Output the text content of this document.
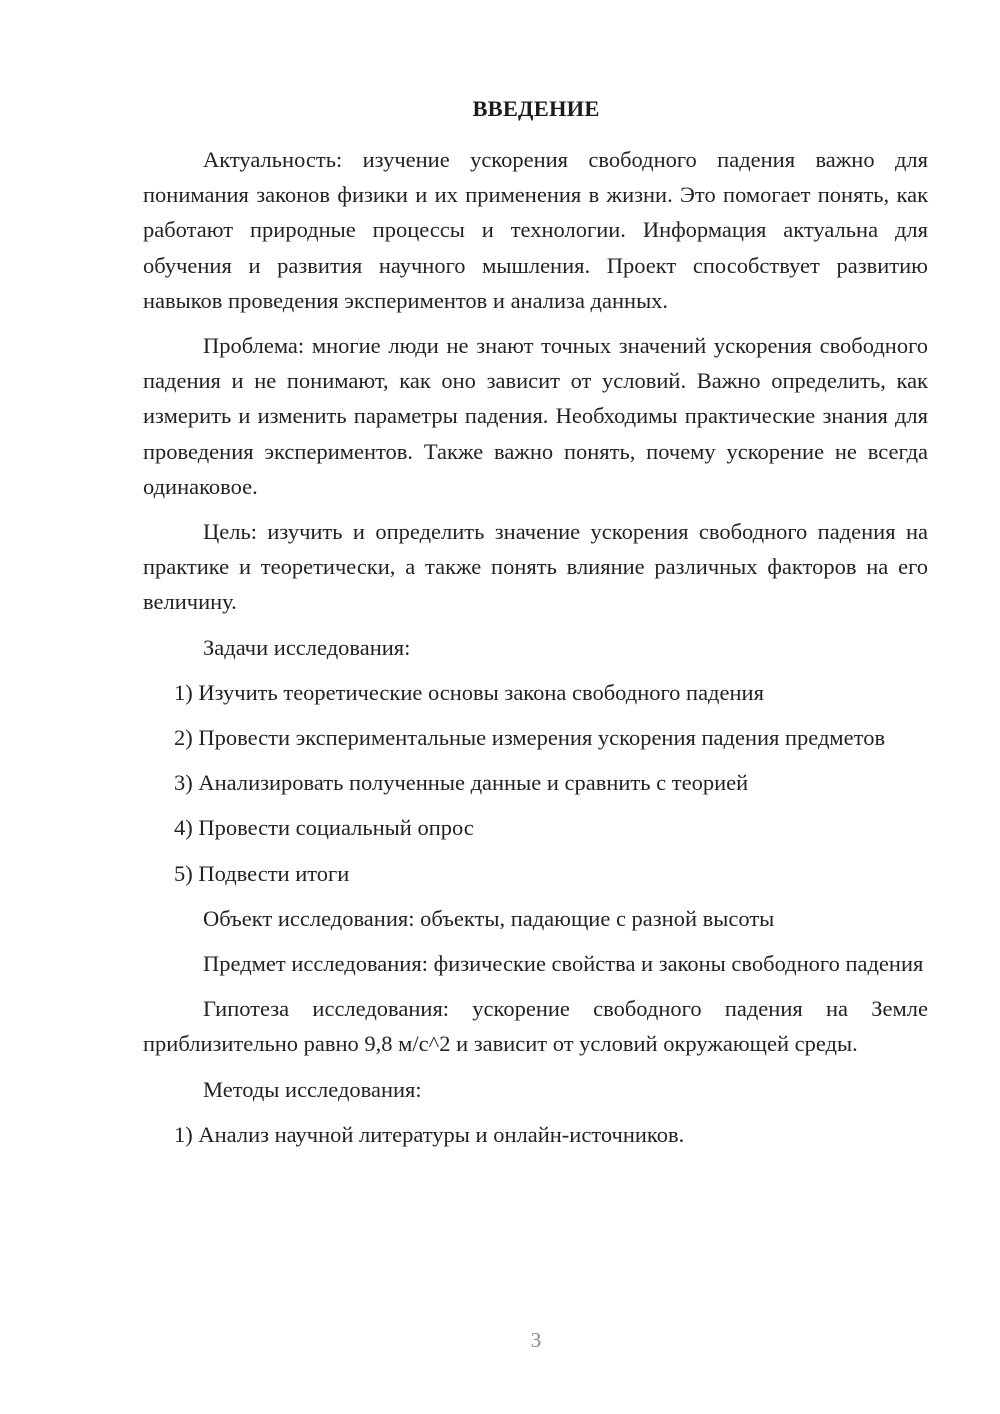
ВВЕДЕНИЕ

Актуальность: изучение ускорения свободного падения важно для понимания законов физики и их применения в жизни. Это помогает понять, как работают природные процессы и технологии. Информация актуальна для обучения и развития научного мышления. Проект способствует развитию навыков проведения экспериментов и анализа данных.

Проблема: многие люди не знают точных значений ускорения свободного падения и не понимают, как оно зависит от условий. Важно определить, как измерить и изменить параметры падения. Необходимы практические знания для проведения экспериментов. Также важно понять, почему ускорение не всегда одинаковое.

Цель: изучить и определить значение ускорения свободного падения на практике и теоретически, а также понять влияние различных факторов на его величину.

Задачи исследования:

1) Изучить теоретические основы закона свободного падения

2) Провести экспериментальные измерения ускорения падения предметов

3) Анализировать полученные данные и сравнить с теорией

4) Провести социальный опрос

5) Подвести итоги

Объект исследования: объекты, падающие с разной высоты

Предмет исследования: физические свойства и законы свободного падения

Гипотеза исследования: ускорение свободного падения на Земле приблизительно равно 9,8 м/с^2 и зависит от условий окружающей среды.

Методы исследования:

1) Анализ научной литературы и онлайн-источников.

3
